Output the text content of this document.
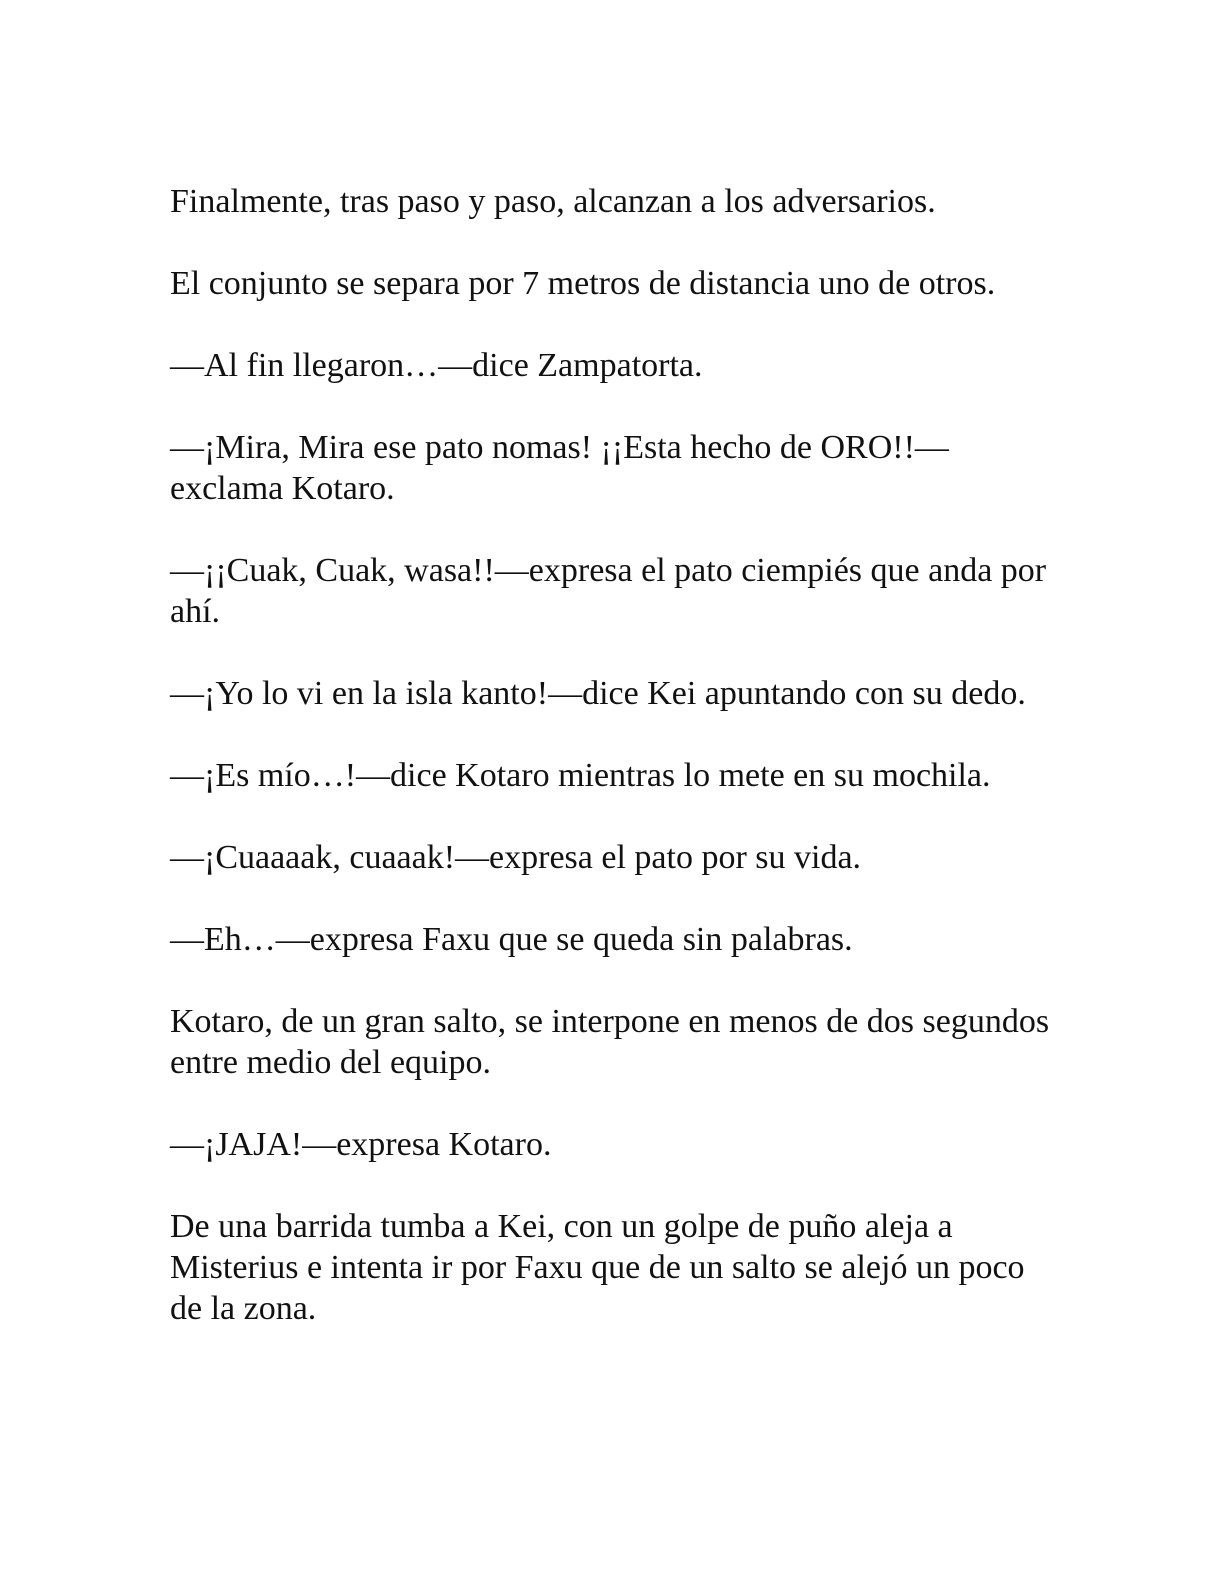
Finalmente, tras paso y paso, alcanzan a los adversarios.

El conjunto se separa por 7 metros de distancia uno de otros.

—Al fin llegaron…—dice Zampatorta.

—¡Mira, Mira ese pato nomas! ¡¡Esta hecho de ORO!!—exclama Kotaro.

—¡¡Cuak, Cuak, wasa!!—expresa el pato ciempiés que anda por ahí.

—¡Yo lo vi en la isla kanto!—dice Kei apuntando con su dedo.

—¡Es mío…!—dice Kotaro mientras lo mete en su mochila.

—¡Cuaaaak, cuaaak!—expresa el pato por su vida.

—Eh…—expresa Faxu que se queda sin palabras.

Kotaro, de un gran salto, se interpone en menos de dos segundos entre medio del equipo.

—¡JAJA!—expresa Kotaro.

De una barrida tumba a Kei, con un golpe de puño aleja a Misterius e intenta ir por Faxu que de un salto se alejó un poco de la zona.
